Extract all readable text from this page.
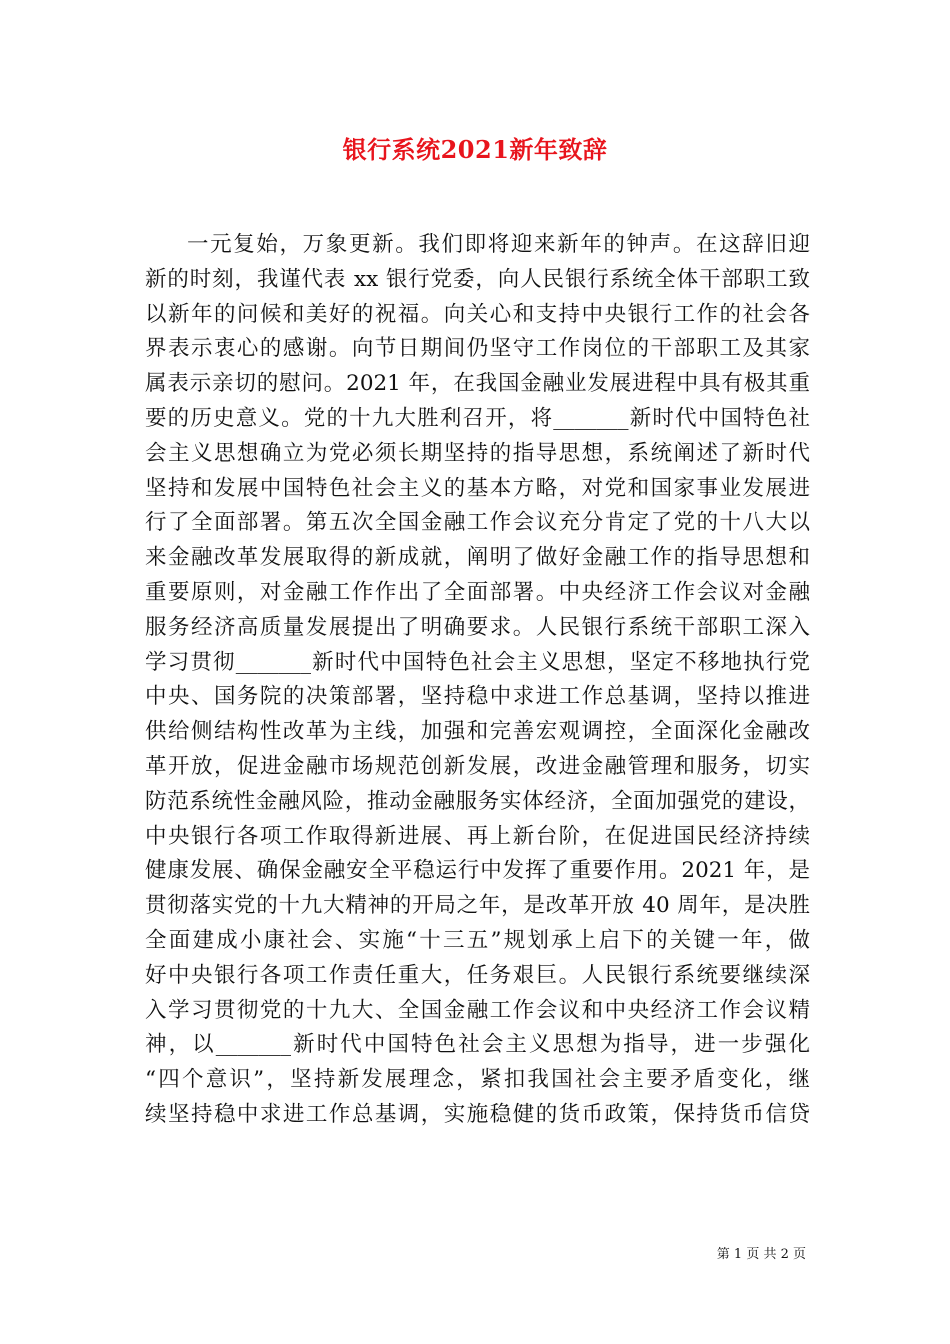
银行系统2021新年致辞
一元复始，万象更新。我们即将迎来新年的钟声。在这辞旧迎
新的时刻，我谨代表 xx 银行党委，向人民银行系统全体干部职工致
以新年的问候和美好的祝福。向关心和支持中央银行工作的社会各
界表示衷心的感谢。向节日期间仍坚守工作岗位的干部职工及其家
属表示亲切的慰问。2021 年，在我国金融业发展进程中具有极其重
要的历史意义。党的十九大胜利召开，将_______新时代中国特色社
会主义思想确立为党必须长期坚持的指导思想，系统阐述了新时代
坚持和发展中国特色社会主义的基本方略，对党和国家事业发展进
行了全面部署。第五次全国金融工作会议充分肯定了党的十八大以
来金融改革发展取得的新成就，阐明了做好金融工作的指导思想和
重要原则，对金融工作作出了全面部署。中央经济工作会议对金融
服务经济高质量发展提出了明确要求。人民银行系统干部职工深入
学习贯彻_______新时代中国特色社会主义思想，坚定不移地执行党
中央、国务院的决策部署，坚持稳中求进工作总基调，坚持以推进
供给侧结构性改革为主线，加强和完善宏观调控，全面深化金融改
革开放，促进金融市场规范创新发展，改进金融管理和服务，切实
防范系统性金融风险，推动金融服务实体经济，全面加强党的建设，
中央银行各项工作取得新进展、再上新台阶，在促进国民经济持续
健康发展、确保金融安全平稳运行中发挥了重要作用。2021 年，是
贯彻落实党的十九大精神的开局之年，是改革开放 40 周年，是决胜
全面建成小康社会、实施“十三五”规划承上启下的关键一年，做
好中央银行各项工作责任重大，任务艰巨。人民银行系统要继续深
入学习贯彻党的十九大、全国金融工作会议和中央经济工作会议精
神，以_______新时代中国特色社会主义思想为指导，进一步强化
“四个意识”，坚持新发展理念，紧扣我国社会主要矛盾变化，继
续坚持稳中求进工作总基调，实施稳健的货币政策，保持货币信贷
第 1 页 共 2 页
